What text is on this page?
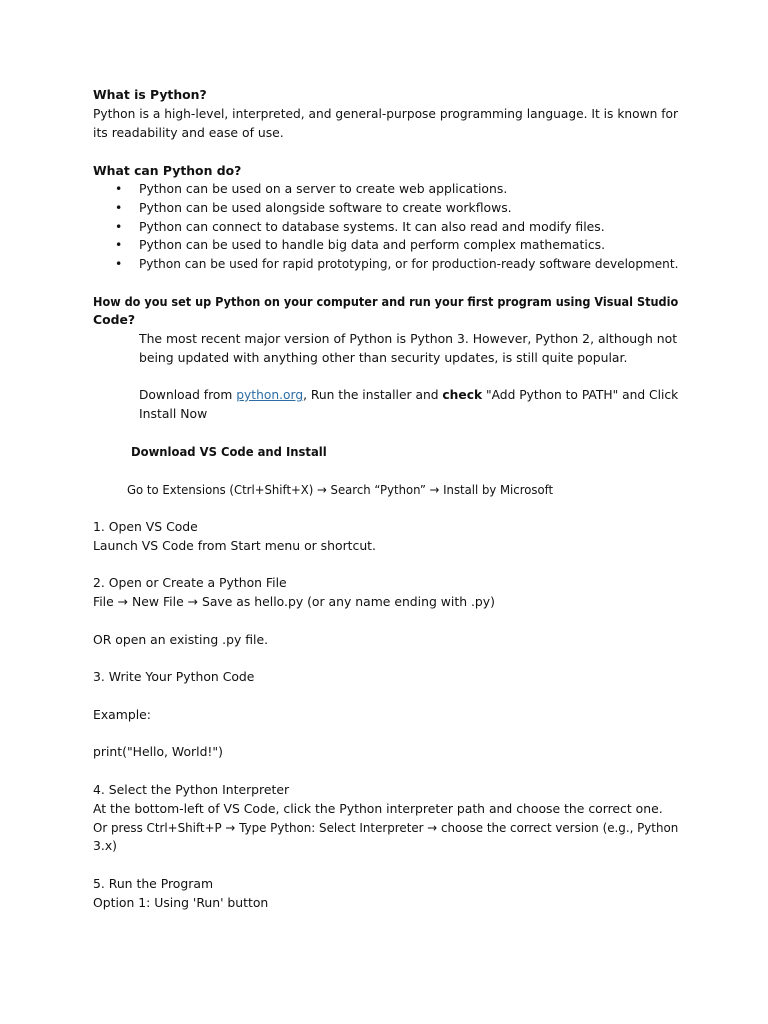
What is Python?
Python is a high-level, interpreted, and general-purpose programming language. It is known for
its readability and ease of use.
What can Python do?
• Python can be used on a server to create web applications.
• Python can be used alongside software to create workflows.
• Python can connect to database systems. It can also read and modify files.
• Python can be used to handle big data and perform complex mathematics.
• Python can be used for rapid prototyping, or for production-ready software development.
How do you set up Python on your computer and run your first program using Visual Studio
Code?
The most recent major version of Python is Python 3. However, Python 2, although not
being updated with anything other than security updates, is still quite popular.
Download from python.org, Run the installer and check "Add Python to PATH" and Click
Install Now
Download VS Code and Install
Go to Extensions (Ctrl+Shift+X) → Search “Python” → Install by Microsoft
1. Open VS Code
Launch VS Code from Start menu or shortcut.
2. Open or Create a Python File
File → New File → Save as hello.py (or any name ending with .py)
OR open an existing .py file.
3. Write Your Python Code
Example:
print("Hello, World!")
4. Select the Python Interpreter
At the bottom-left of VS Code, click the Python interpreter path and choose the correct one.
Or press Ctrl+Shift+P → Type Python: Select Interpreter → choose the correct version (e.g., Python
3.x)
5. Run the Program
Option 1: Using 'Run' button
